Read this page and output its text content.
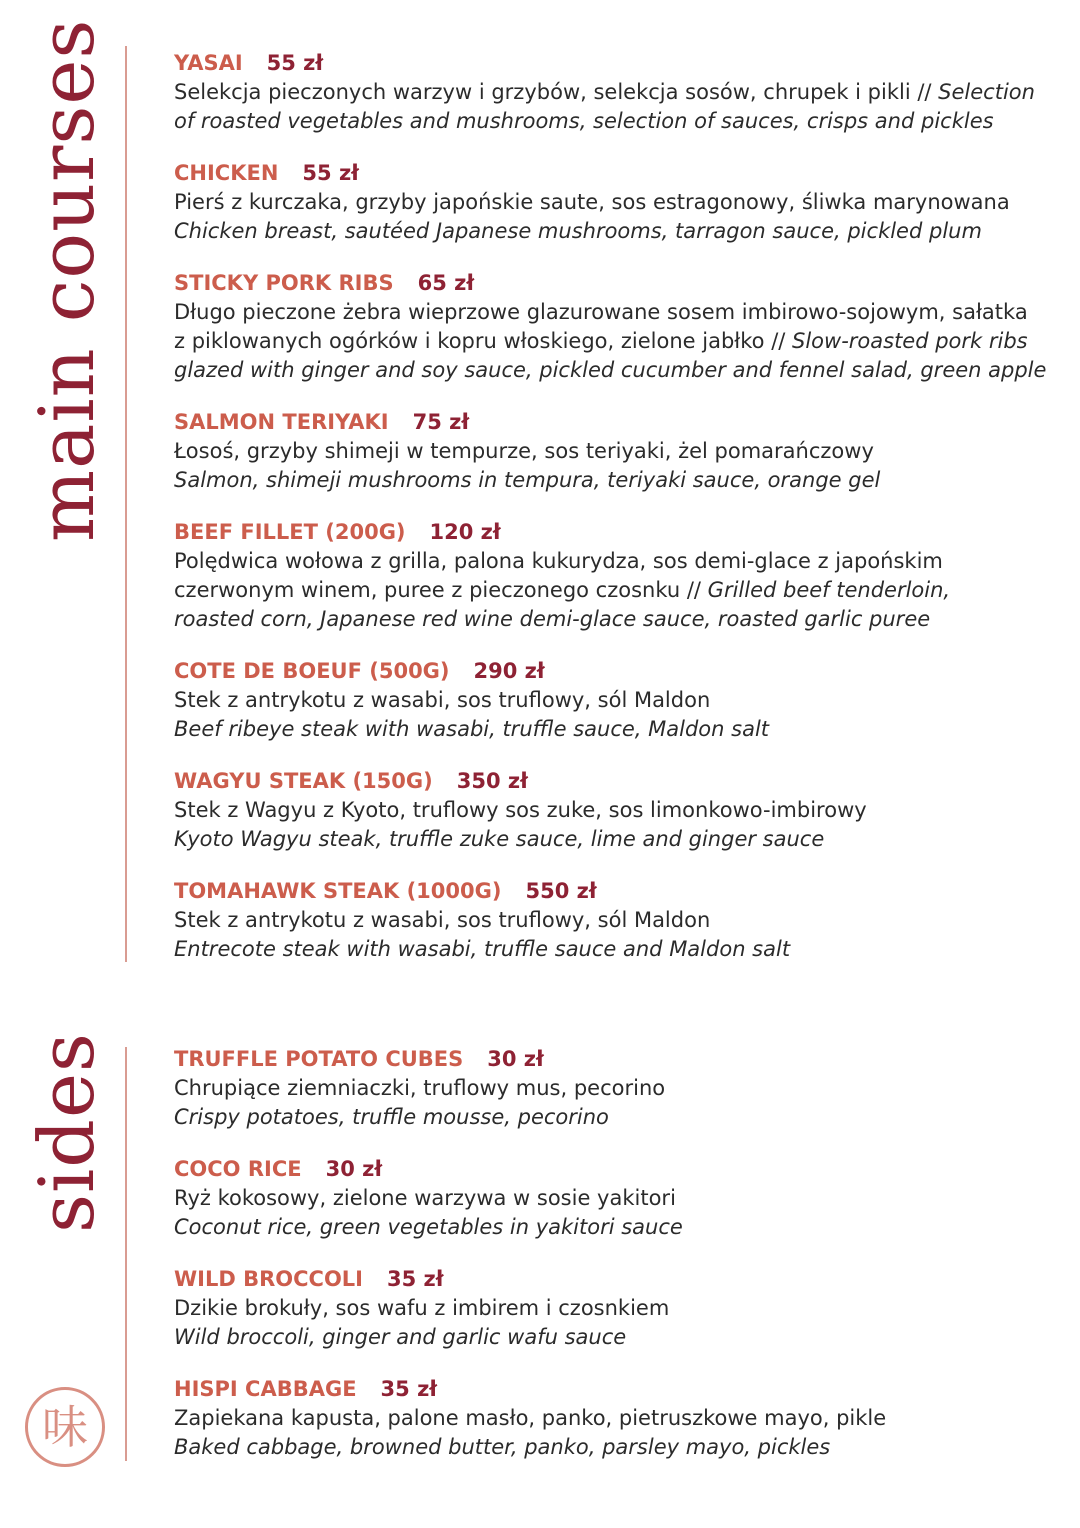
main courses	YASAI 55 zł
Selekcja pieczonych warzyw i grzybów, selekcja sosów, chrupek i pikli // Selection
of roasted vegetables and mushrooms, selection of sauces, crisps and pickles
CHICKEN 55 zł
Pierś z kurczaka, grzyby japońskie saute, sos estragonowy, śliwka marynowana
Chicken breast, sautéed Japanese mushrooms, tarragon sauce, pickled plum
STICKY PORK RIBS 65 zł
Długo pieczone żebra wieprzowe glazurowane sosem imbirowo-sojowym, sałatka
z piklowanych ogórków i kopru włoskiego, zielone jabłko // Slow-roasted pork ribs
glazed with ginger and soy sauce, pickled cucumber and fennel salad, green apple
SALMON TERIYAKI 75 zł
Łosoś, grzyby shimeji w tempurze, sos teriyaki, żel pomarańczowy
Salmon, shimeji mushrooms in tempura, teriyaki sauce, orange gel
BEEF FILLET (200G) 120 zł
Polędwica wołowa z grilla, palona kukurydza, sos demi-glace z japońskim
czerwonym winem, puree z pieczonego czosnku // Grilled beef tenderloin,
roasted corn, Japanese red wine demi-glace sauce, roasted garlic puree
COTE DE BOEUF (500G) 290 zł
Stek z antrykotu z wasabi, sos truflowy, sól Maldon
Beef ribeye steak with wasabi, truffle sauce, Maldon salt
WAGYU STEAK (150G) 350 zł
Stek z Wagyu z Kyoto, truflowy sos zuke, sos limonkowo-imbirowy
Kyoto Wagyu steak, truffle zuke sauce, lime and ginger sauce
TOMAHAWK STEAK (1000G) 550 zł
Stek z antrykotu z wasabi, sos truflowy, sól Maldon
Entrecote steak with wasabi, truffle sauce and Maldon salt
sides	TRUFFLE POTATO CUBES 30 zł
Chrupiące ziemniaczki, truflowy mus, pecorino
Crispy potatoes, truffle mousse, pecorino
COCO RICE 30 zł
Ryż kokosowy, zielone warzywa w sosie yakitori
Coconut rice, green vegetables in yakitori sauce
WILD BROCCOLI 35 zł
Dzikie brokuły, sos wafu z imbirem i czosnkiem
Wild broccoli, ginger and garlic wafu sauce
HISPI CABBAGE 35 zł
Zapiekana kapusta, palone masło, panko, pietruszkowe mayo, pikle
Baked cabbage, browned butter, panko, parsley mayo, pickles
味
